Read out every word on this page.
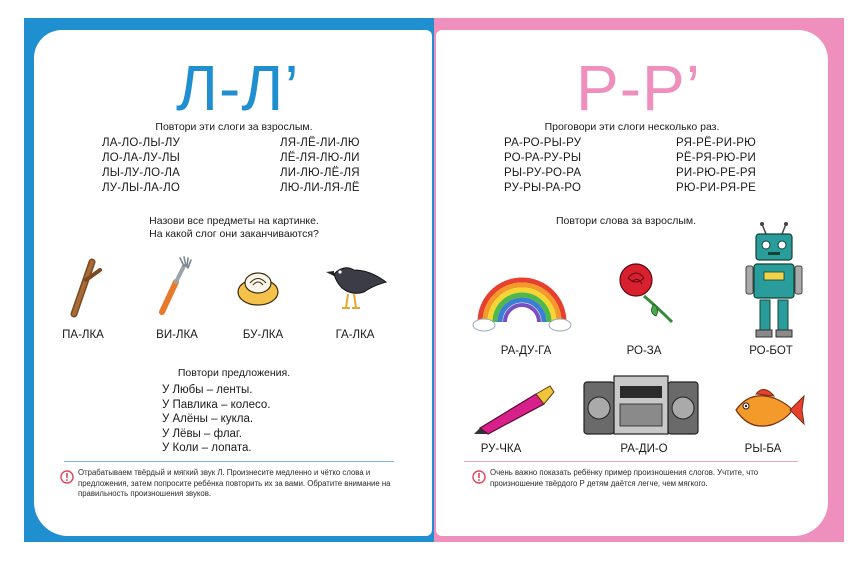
Л-Л’
Повтори эти слоги за взрослым.
ЛА-ЛО-ЛЫ-ЛУ
ЛО-ЛА-ЛУ-ЛЫ
ЛЫ-ЛУ-ЛО-ЛА
ЛУ-ЛЫ-ЛА-ЛО
ЛЯ-ЛЁ-ЛИ-ЛЮ
ЛЁ-ЛЯ-ЛЮ-ЛИ
ЛИ-ЛЮ-ЛЁ-ЛЯ
ЛЮ-ЛИ-ЛЯ-ЛЁ
Назови все предметы на картинке.
На какой слог они заканчиваются?
ПА-ЛКА	ВИ-ЛКА	БУ-ЛКА	ГА-ЛКА
Повтори предложения.
У Любы – ленты.
У Павлика – колесо.
У Алёны – кукла.
У Лёвы – флаг.
У Коли – лопата.
Отрабатываем твёрдый и мягкий звук Л. Произнесите медленно и чётко слова и предложения, затем попросите ребёнка повторить их за вами. Обратите внимание на правильность произношения звуков.
Р-Р’
Проговори эти слоги несколько раз.
РА-РО-РЫ-РУ
РО-РА-РУ-РЫ
РЫ-РУ-РО-РА
РУ-РЫ-РА-РО
РЯ-РЁ-РИ-РЮ
РЁ-РЯ-РЮ-РИ
РИ-РЮ-РЕ-РЯ
РЮ-РИ-РЯ-РЕ
Повтори слова за взрослым.
РА-ДУ-ГА	РО-ЗА	РО-БОТ
РУ-ЧКА	РА-ДИ-О	РЫ-БА
Очень важно показать ребёнку пример произношения слогов. Учтите, что произношение твёрдого Р детям даётся легче, чем мягкого.
